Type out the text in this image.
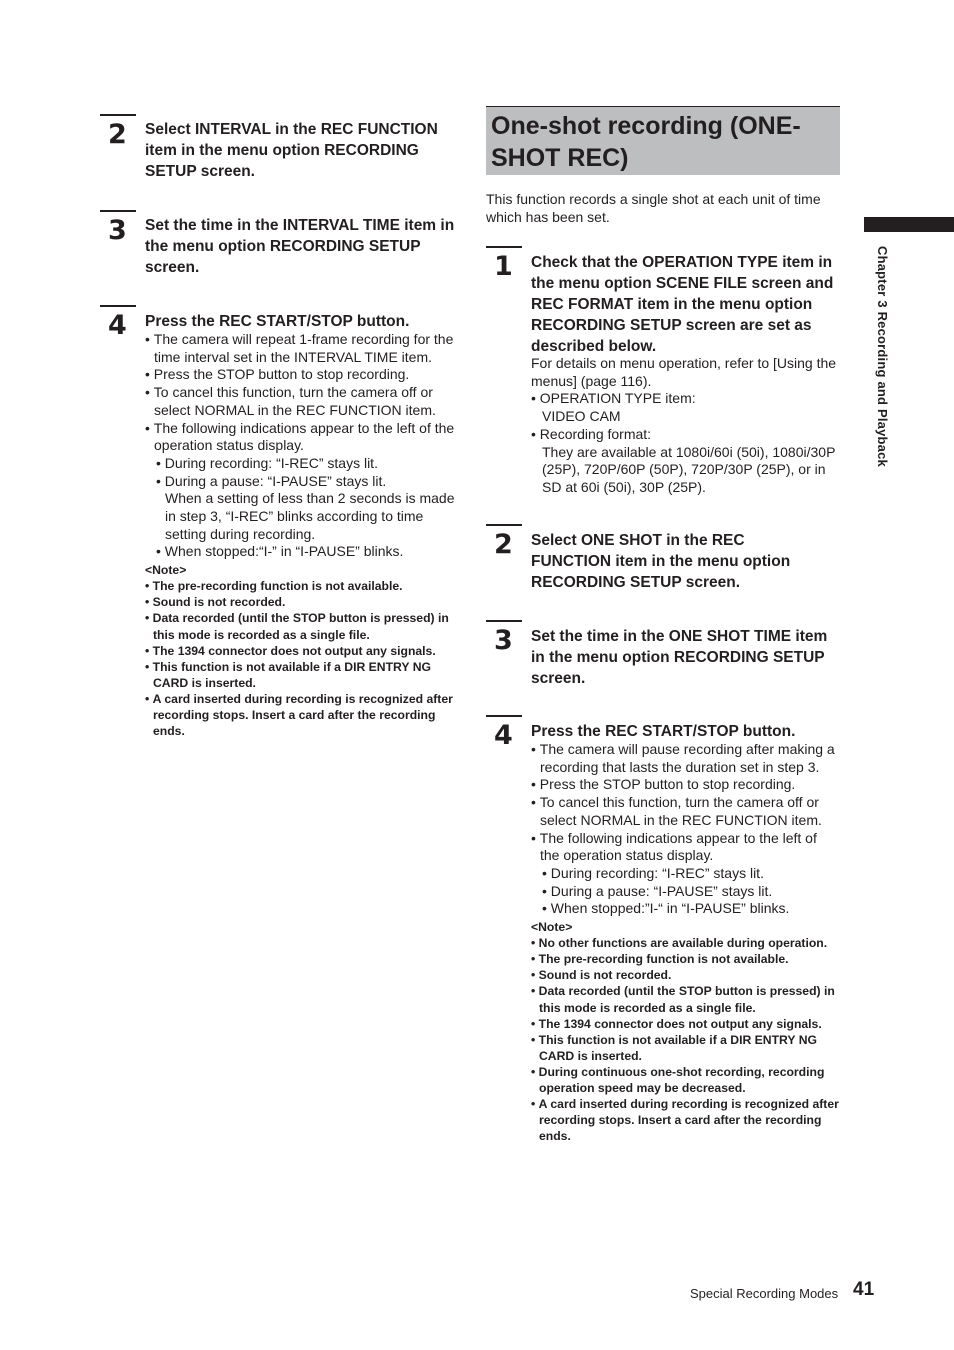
2 Select INTERVAL in the REC FUNCTION item in the menu option RECORDING SETUP screen.
3 Set the time in the INTERVAL TIME item in the menu option RECORDING SETUP screen.
4 Press the REC START/STOP button.
• The camera will repeat 1-frame recording for the time interval set in the INTERVAL TIME item.
• Press the STOP button to stop recording.
• To cancel this function, turn the camera off or select NORMAL in the REC FUNCTION item.
• The following indications appear to the left of the operation status display.
• During recording: “I-REC” stays lit.
• During a pause: “I-PAUSE” stays lit.
When a setting of less than 2 seconds is made in step 3, “I-REC” blinks according to time setting during recording.
• When stopped:“I-” in “I-PAUSE” blinks.
<Note>
• The pre-recording function is not available.
• Sound is not recorded.
• Data recorded (until the STOP button is pressed) in this mode is recorded as a single file.
• The 1394 connector does not output any signals.
• This function is not available if a DIR ENTRY NG CARD is inserted.
• A card inserted during recording is recognized after recording stops. Insert a card after the recording ends.
One-shot recording (ONE-SHOT REC)
This function records a single shot at each unit of time which has been set.
1 Check that the OPERATION TYPE item in the menu option SCENE FILE screen and REC FORMAT item in the menu option RECORDING SETUP screen are set as described below.
For details on menu operation, refer to [Using the menus] (page 116).
• OPERATION TYPE item:
VIDEO CAM
• Recording format:
They are available at 1080i/60i (50i), 1080i/30P (25P), 720P/60P (50P), 720P/30P (25P), or in SD at 60i (50i), 30P (25P).
2 Select ONE SHOT in the REC FUNCTION item in the menu option RECORDING SETUP screen.
3 Set the time in the ONE SHOT TIME item in the menu option RECORDING SETUP screen.
4 Press the REC START/STOP button.
• The camera will pause recording after making a recording that lasts the duration set in step 3.
• Press the STOP button to stop recording.
• To cancel this function, turn the camera off or select NORMAL in the REC FUNCTION item.
• The following indications appear to the left of the operation status display.
• During recording: “I-REC” stays lit.
• During a pause: “I-PAUSE” stays lit.
• When stopped:”I-“ in “I-PAUSE” blinks.
<Note>
• No other functions are available during operation.
• The pre-recording function is not available.
• Sound is not recorded.
• Data recorded (until the STOP button is pressed) in this mode is recorded as a single file.
• The 1394 connector does not output any signals.
• This function is not available if a DIR ENTRY NG CARD is inserted.
• During continuous one-shot recording, recording operation speed may be decreased.
• A card inserted during recording is recognized after recording stops. Insert a card after the recording ends.
Chapter 3 Recording and Playback
Special Recording Modes 41
